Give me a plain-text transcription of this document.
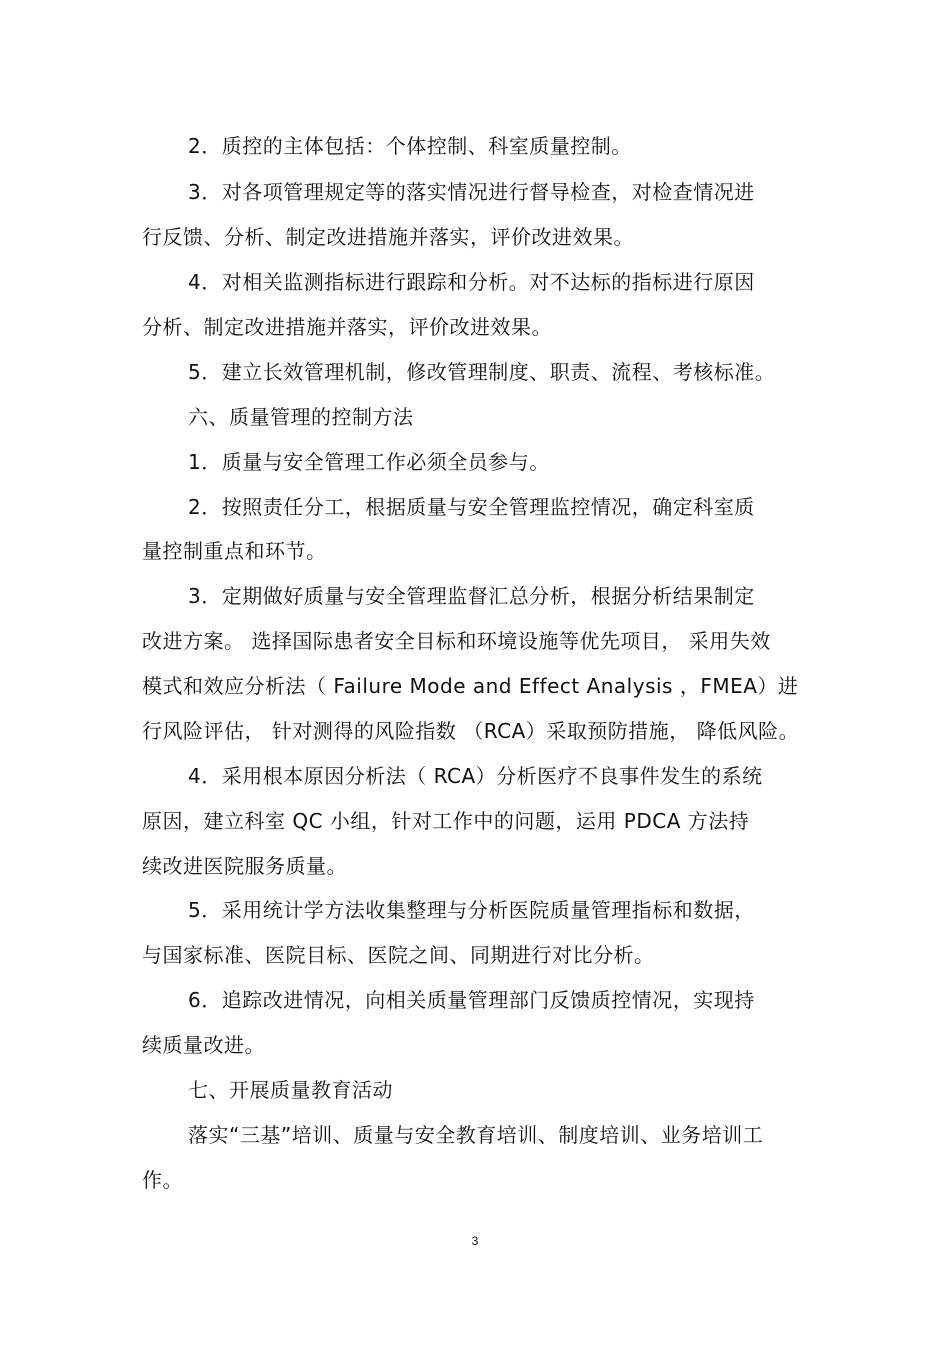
2．质控的主体包括：个体控制、科室质量控制。
3．对各项管理规定等的落实情况进行督导检查，对检查情况进
行反馈、分析、制定改进措施并落实，评价改进效果。
4．对相关监测指标进行跟踪和分析。对不达标的指标进行原因
分析、制定改进措施并落实，评价改进效果。
5．建立长效管理机制，修改管理制度、职责、流程、考核标准。
六、质量管理的控制方法
1．质量与安全管理工作必须全员参与。
2．按照责任分工，根据质量与安全管理监控情况，确定科室质
量控制重点和环节。
3．定期做好质量与安全管理监督汇总分析，根据分析结果制定
改进方案。 选择国际患者安全目标和环境设施等优先项目， 采用失效
模式和效应分析法（ Failure Mode and Effect Analysis ，FMEA）进
行风险评估， 针对测得的风险指数 （RCA）采取预防措施， 降低风险。
4．采用根本原因分析法（ RCA）分析医疗不良事件发生的系统
原因，建立科室 QC 小组，针对工作中的问题，运用 PDCA 方法持
续改进医院服务质量。
5．采用统计学方法收集整理与分析医院质量管理指标和数据，
与国家标准、医院目标、医院之间、同期进行对比分析。
6．追踪改进情况，向相关质量管理部门反馈质控情况，实现持
续质量改进。
七、开展质量教育活动
落实“三基”培训、质量与安全教育培训、制度培训、业务培训工
作。
3
